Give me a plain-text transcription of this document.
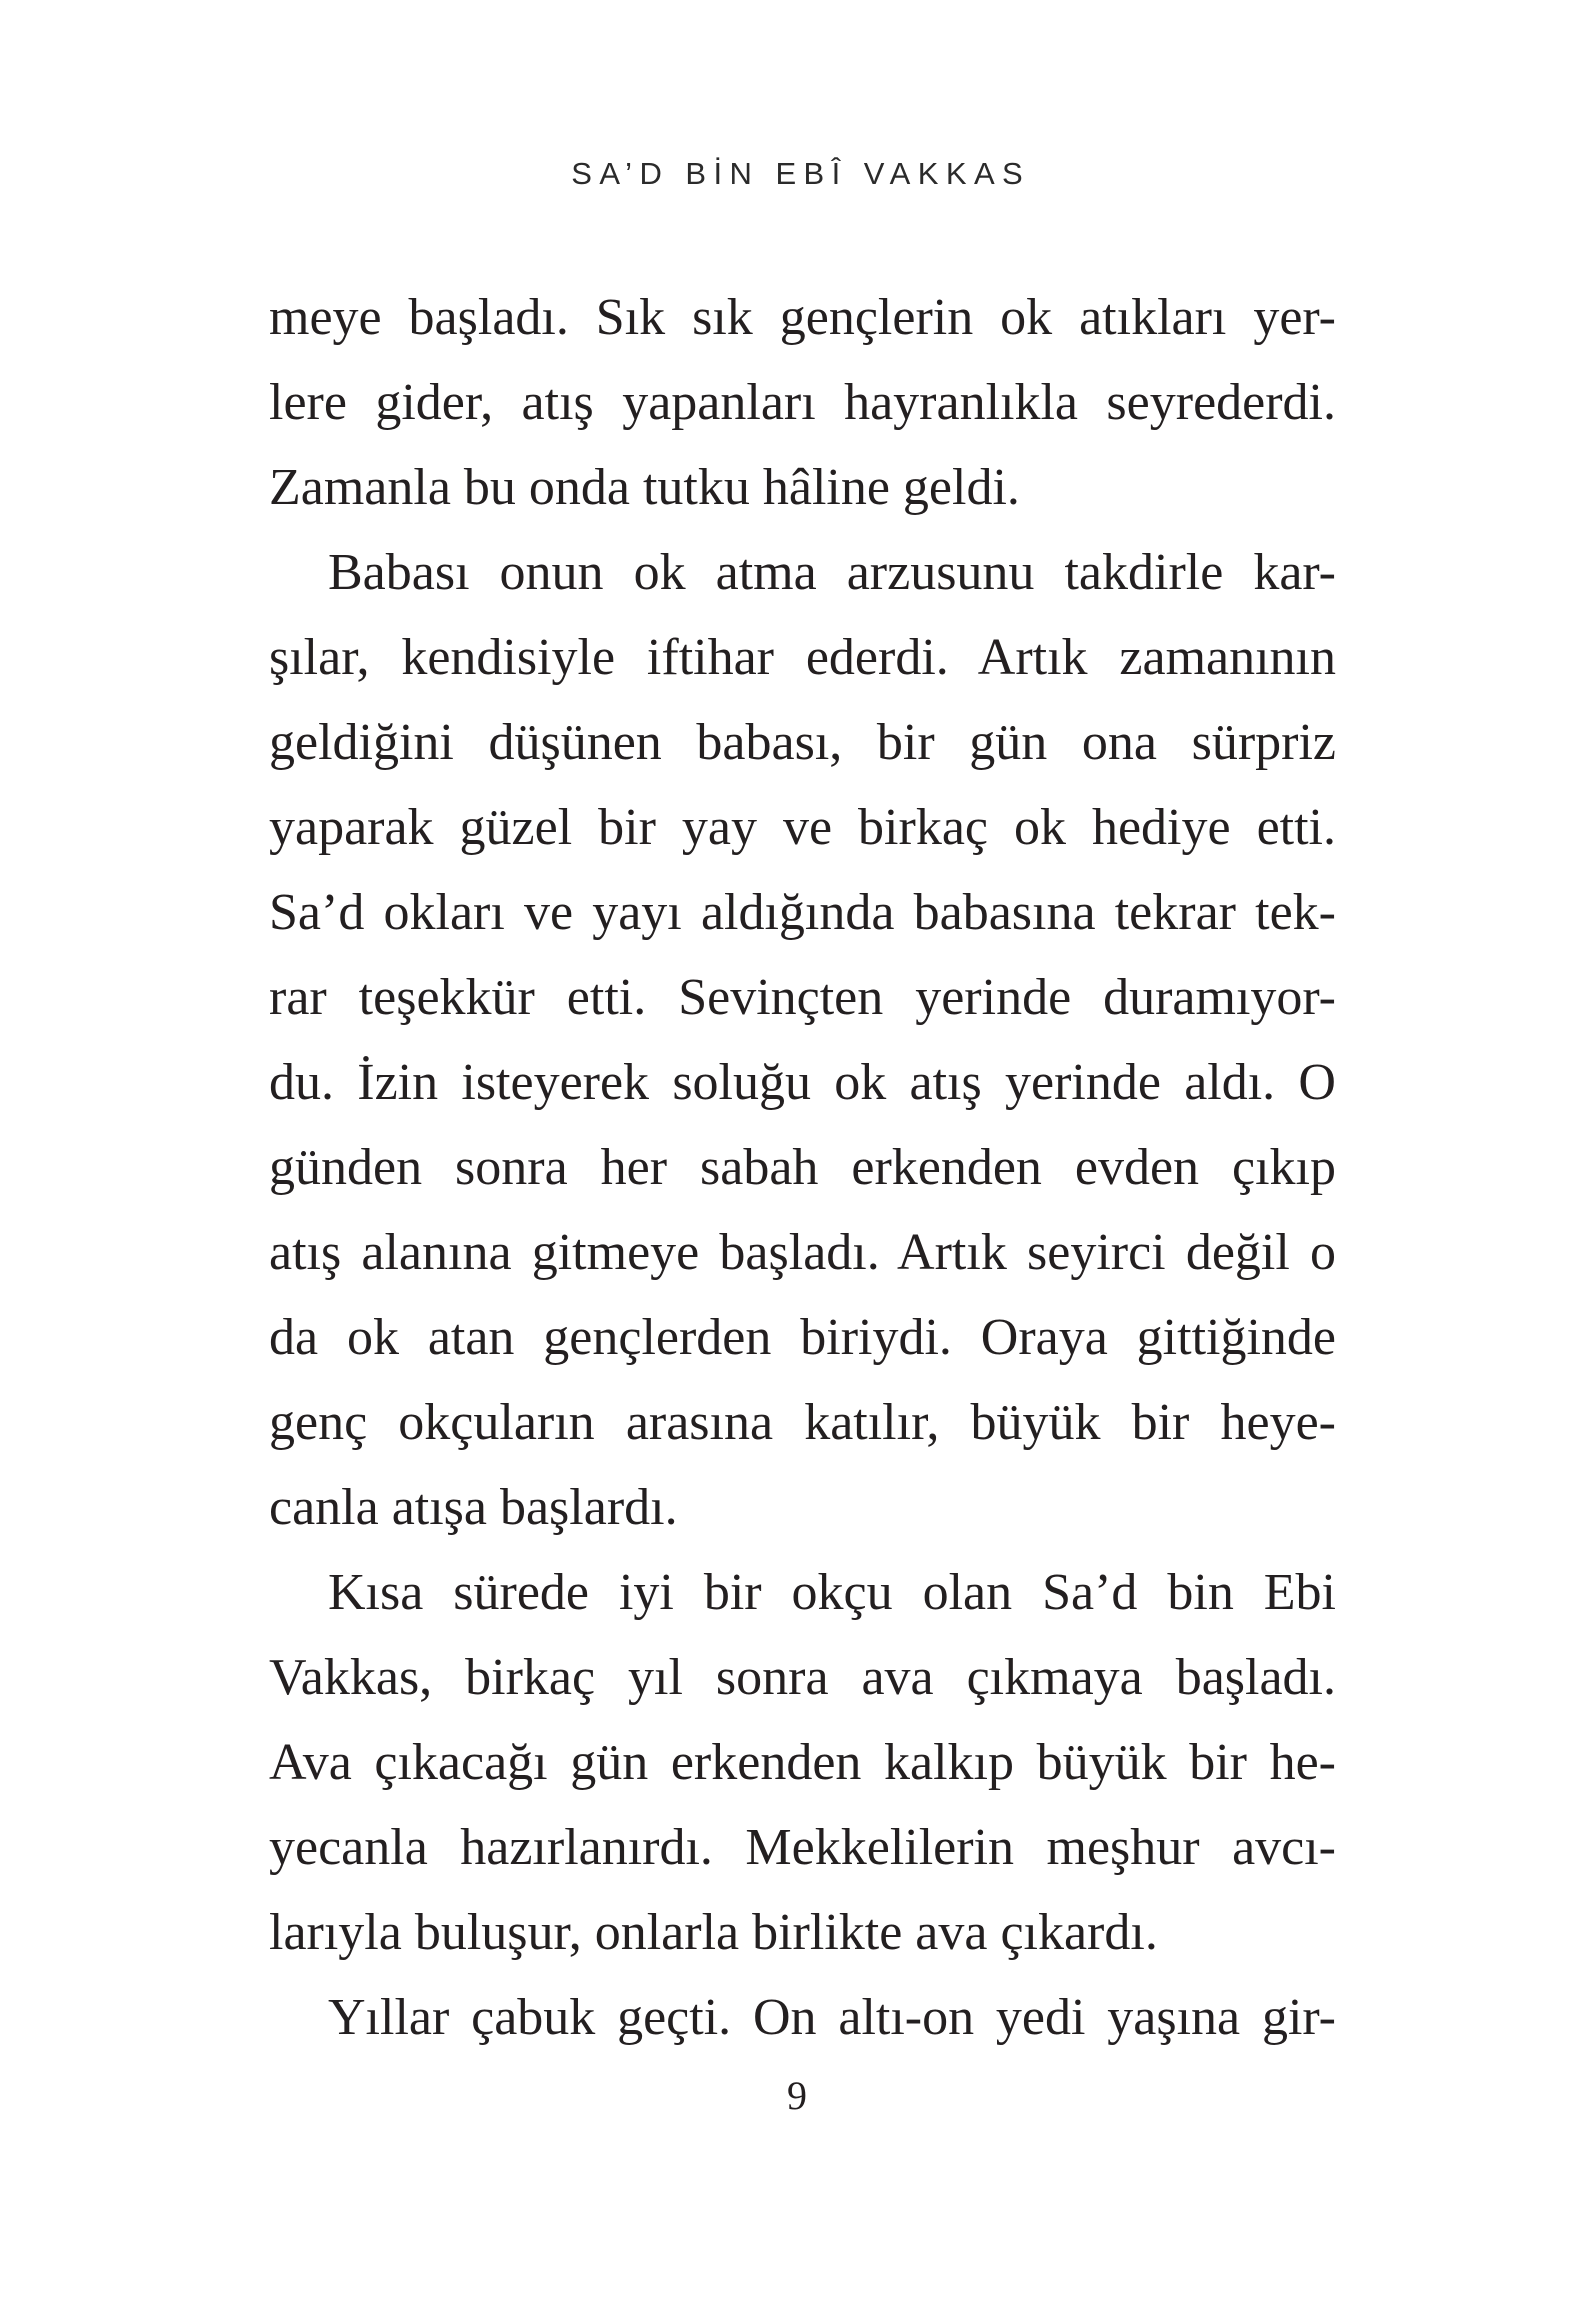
SA’D BİN EBÎ VAKKAS
meye başladı. Sık sık gençlerin ok atıkları yer-
lere gider, atış yapanları hayranlıkla seyrederdi.
Zamanla bu onda tutku hâline geldi.
Babası onun ok atma arzusunu takdirle kar-
şılar, kendisiyle iftihar ederdi. Artık zamanının
geldiğini düşünen babası, bir gün ona sürpriz
yaparak güzel bir yay ve birkaç ok hediye etti.
Sa’d okları ve yayı aldığında babasına tekrar tek-
rar teşekkür etti. Sevinçten yerinde duramıyor-
du. İzin isteyerek soluğu ok atış yerinde aldı. O
günden sonra her sabah erkenden evden çıkıp
atış alanına gitmeye başladı. Artık seyirci değil o
da ok atan gençlerden biriydi. Oraya gittiğinde
genç okçuların arasına katılır, büyük bir heye-
canla atışa başlardı.
Kısa sürede iyi bir okçu olan Sa’d bin Ebi
Vakkas, birkaç yıl sonra ava çıkmaya başladı.
Ava çıkacağı gün erkenden kalkıp büyük bir he-
yecanla hazırlanırdı. Mekkelilerin meşhur avcı-
larıyla buluşur, onlarla birlikte ava çıkardı.
Yıllar çabuk geçti. On altı-on yedi yaşına gir-
9
